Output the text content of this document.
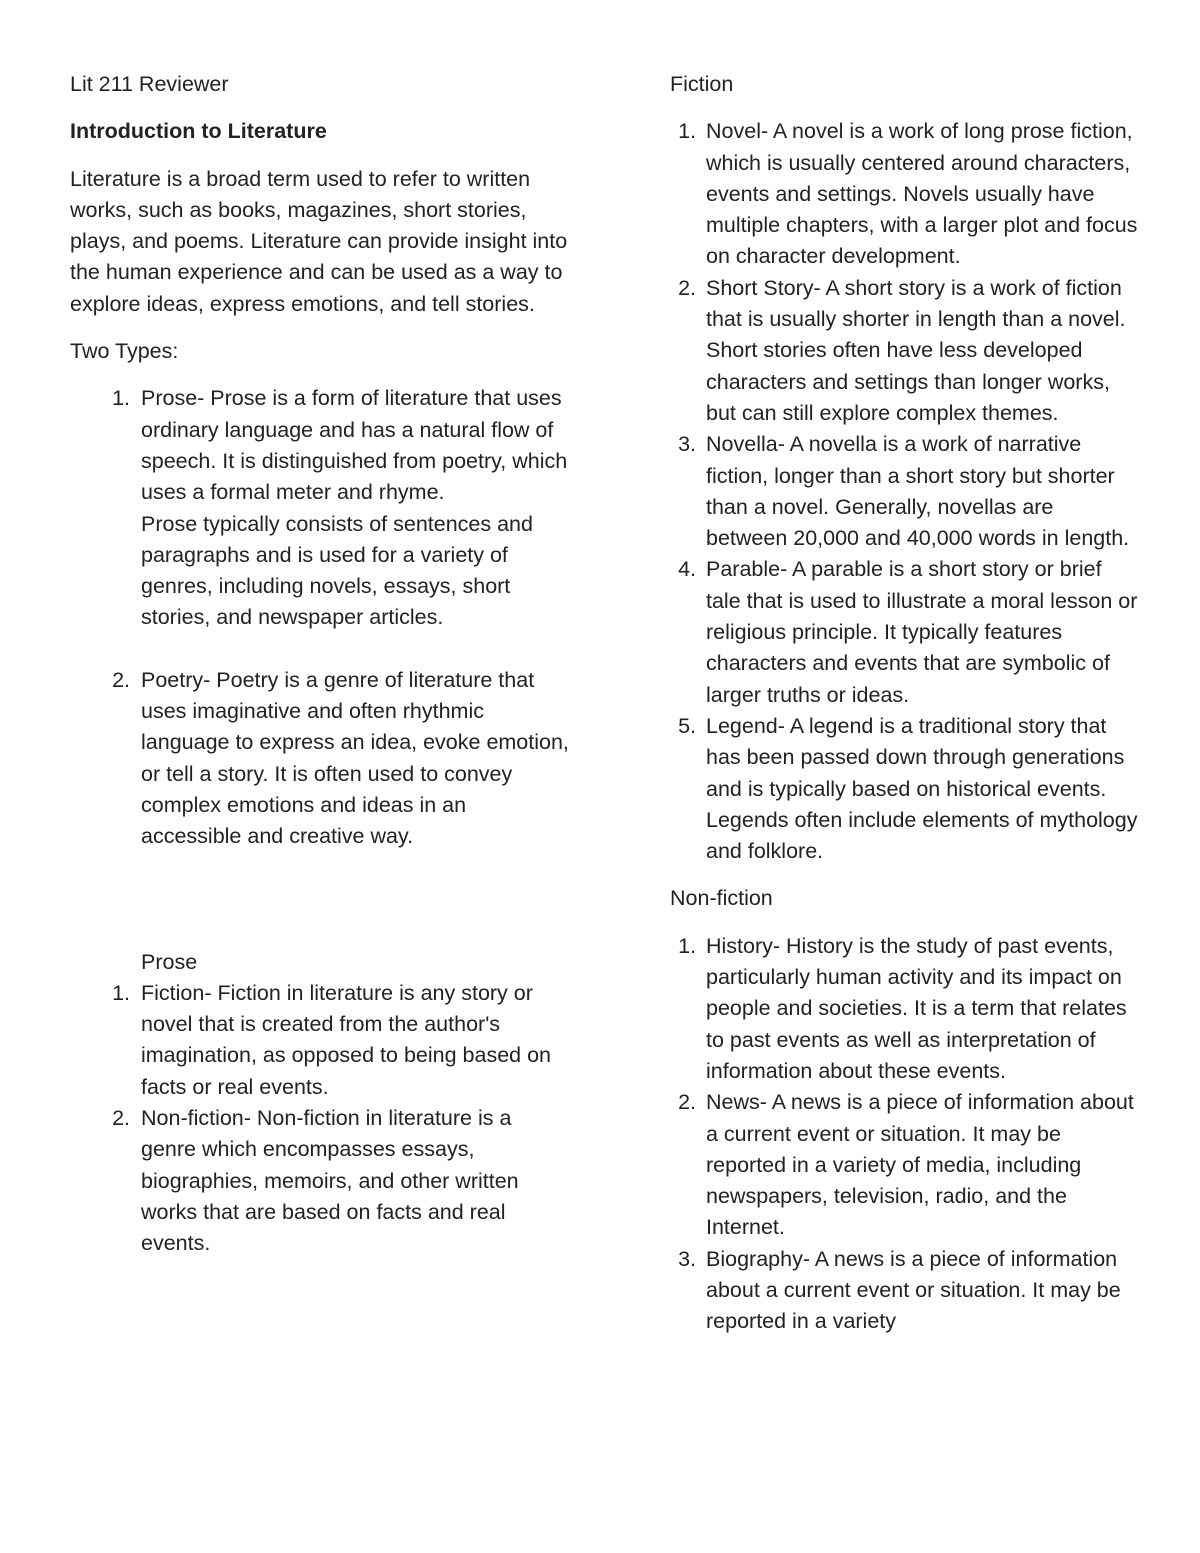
Lit 211 Reviewer

Introduction to Literature

Literature is a broad term used to refer to written works, such as books, magazines, short stories, plays, and poems. Literature can provide insight into the human experience and can be used as a way to explore ideas, express emotions, and tell stories.

Two Types:

1. Prose- Prose is a form of literature that uses ordinary language and has a natural flow of speech. It is distinguished from poetry, which uses a formal meter and rhyme.
Prose typically consists of sentences and paragraphs and is used for a variety of genres, including novels, essays, short stories, and newspaper articles.
2. Poetry- Poetry is a genre of literature that uses imaginative and often rhythmic language to express an idea, evoke emotion, or tell a story. It is often used to convey complex emotions and ideas in an accessible and creative way.

Prose

1. Fiction- Fiction in literature is any story or novel that is created from the author's imagination, as opposed to being based on facts or real events.
2. Non-fiction- Non-fiction in literature is a genre which encompasses essays, biographies, memoirs, and other written works that are based on facts and real events.

Fiction

1. Novel- A novel is a work of long prose fiction, which is usually centered around characters, events and settings. Novels usually have multiple chapters, with a larger plot and focus on character development.
2. Short Story- A short story is a work of fiction that is usually shorter in length than a novel. Short stories often have less developed characters and settings than longer works, but can still explore complex themes.
3. Novella- A novella is a work of narrative fiction, longer than a short story but shorter than a novel. Generally, novellas are between 20,000 and 40,000 words in length.
4. Parable- A parable is a short story or brief tale that is used to illustrate a moral lesson or religious principle. It typically features characters and events that are symbolic of larger truths or ideas.
5. Legend- A legend is a traditional story that has been passed down through generations and is typically based on historical events. Legends often include elements of mythology and folklore.

Non-fiction

1. History- History is the study of past events, particularly human activity and its impact on people and societies. It is a term that relates to past events as well as interpretation of information about these events.
2. News- A news is a piece of information about a current event or situation. It may be reported in a variety of media, including newspapers, television, radio, and the Internet.
3. Biography- A news is a piece of information about a current event or situation. It may be reported in a variety
